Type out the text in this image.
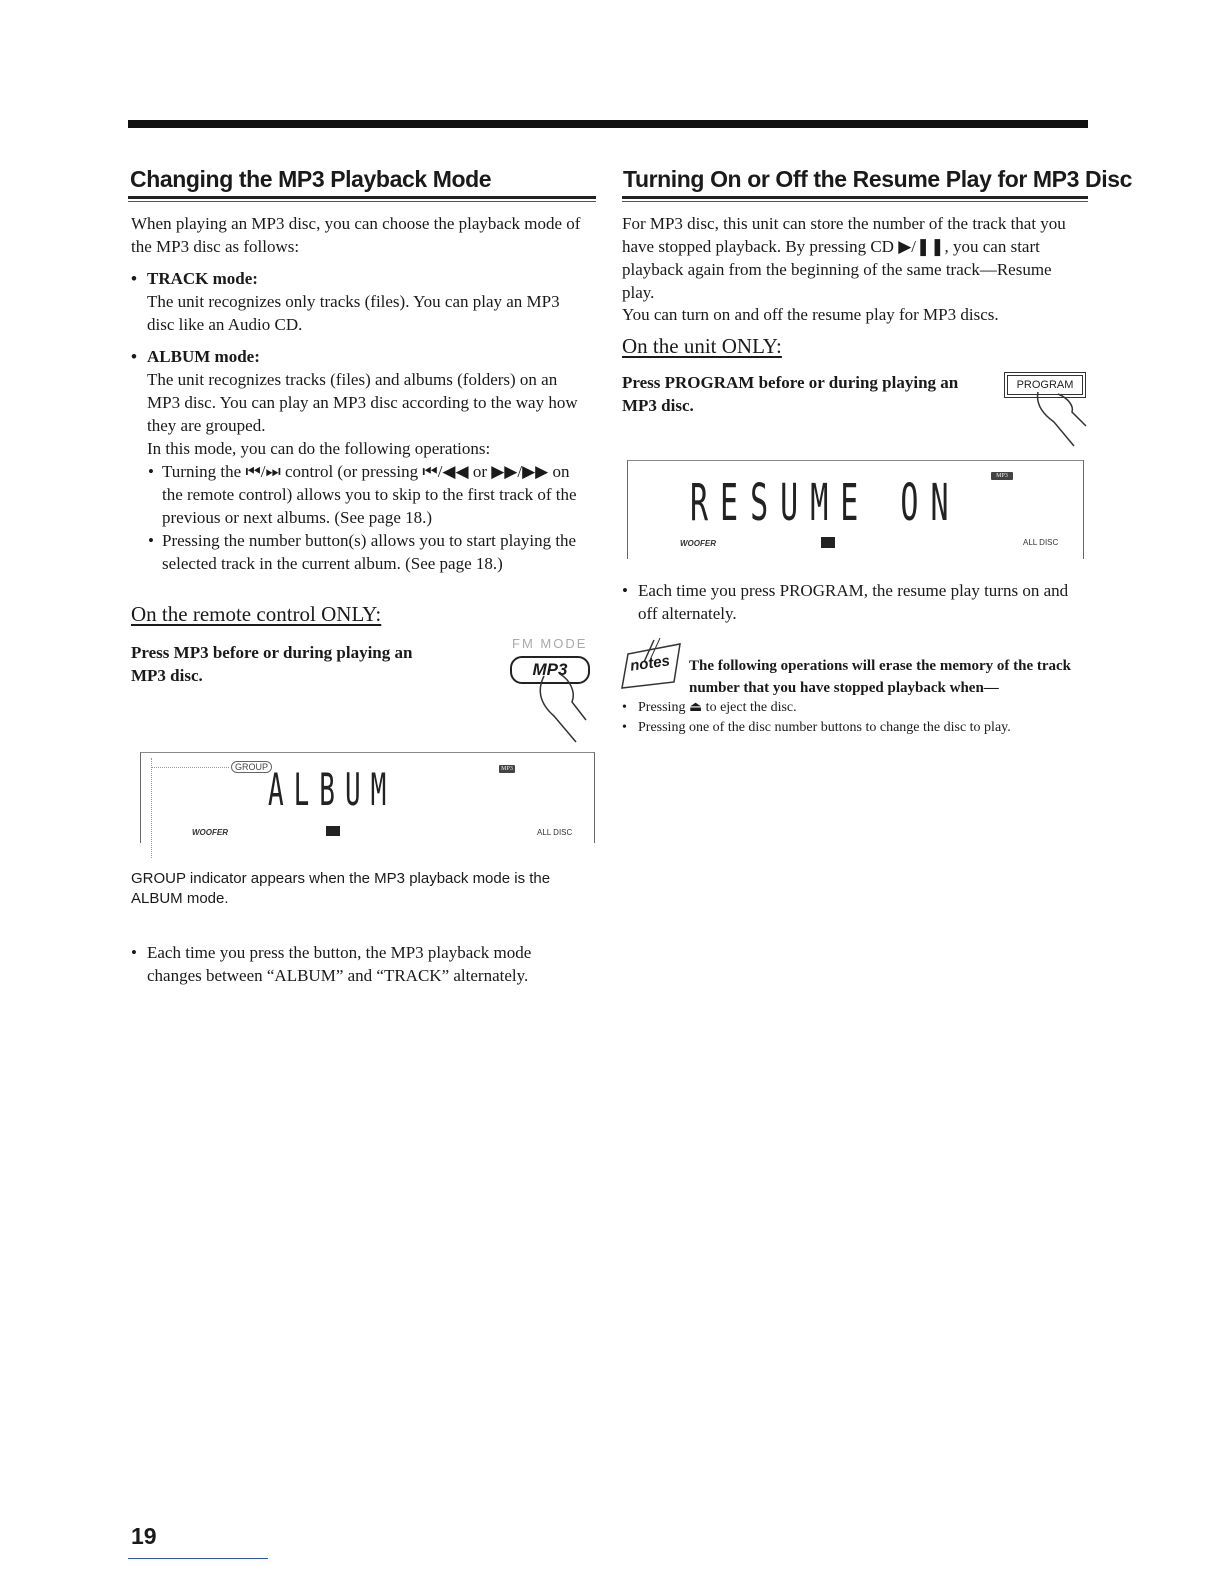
Changing the MP3 Playback Mode
When playing an MP3 disc, you can choose the playback mode of the MP3 disc as follows:
• TRACK mode:
The unit recognizes only tracks (files). You can play an MP3 disc like an Audio CD.
• ALBUM mode:
The unit recognizes tracks (files) and albums (folders) on an MP3 disc. You can play an MP3 disc according to the way how they are grouped.
In this mode, you can do the following operations:
• Turning the ⏮/⏭ control (or pressing ⏮/◀◀ or ▶▶/▶▶ on the remote control) allows you to skip to the first track of the previous or next albums. (See page 18.)
• Pressing the number button(s) allows you to start playing the selected track in the current album. (See page 18.)
On the remote control ONLY:
Press MP3 before or during playing an MP3 disc.
FM MODE
MP3
GROUP	MP3
ALBUM
WOOFER	ALL DISC
GROUP indicator appears when the MP3 playback mode is the ALBUM mode.
• Each time you press the button, the MP3 playback mode changes between “ALBUM” and “TRACK” alternately.
Turning On or Off the Resume Play for MP3 Disc
For MP3 disc, this unit can store the number of the track that you have stopped playback. By pressing CD ▶/❚❚, you can start playback again from the beginning of the same track—Resume play.
You can turn on and off the resume play for MP3 discs.
On the unit ONLY:
Press PROGRAM before or during playing an MP3 disc.
PROGRAM
MP3
RESUME ON
WOOFER	ALL DISC
• Each time you press PROGRAM, the resume play turns on and off alternately.
notes The following operations will erase the memory of the track number that you have stopped playback when—
• Pressing ⏏ to eject the disc.
• Pressing one of the disc number buttons to change the disc to play.
19
